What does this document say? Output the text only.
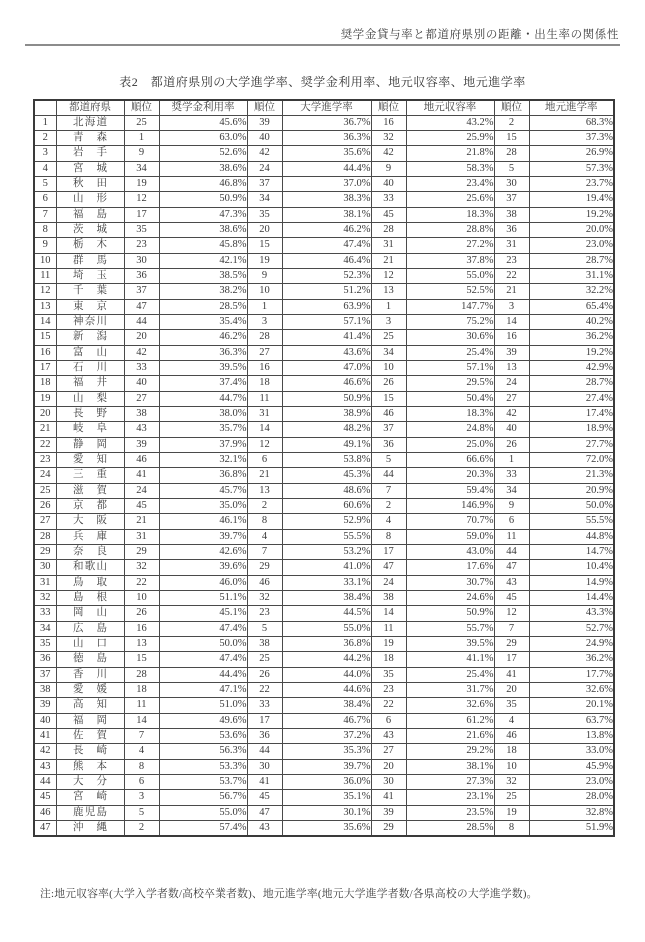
奨学金貸与率と都道府県別の距離・出生率の関係性
表2　都道府県別の大学進学率、奨学金利用率、地元収容率、地元進学率
	都道府県	順位	奨学金利用率	順位	大学進学率	順位	地元収容率	順位	地元進学率
1	北 海 道	25	45.6%	39	36.7%	16	43.2%	2	68.3%
2	青 森	1	63.0%	40	36.3%	32	25.9%	15	37.3%
3	岩 手	9	52.6%	42	35.6%	42	21.8%	28	26.9%
4	宮 城	34	38.6%	24	44.4%	9	58.3%	5	57.3%
5	秋 田	19	46.8%	37	37.0%	40	23.4%	30	23.7%
6	山 形	12	50.9%	34	38.3%	33	25.6%	37	19.4%
7	福 島	17	47.3%	35	38.1%	45	18.3%	38	19.2%
8	茨 城	35	38.6%	20	46.2%	28	28.8%	36	20.0%
9	栃 木	23	45.8%	15	47.4%	31	27.2%	31	23.0%
10	群 馬	30	42.1%	19	46.4%	21	37.8%	23	28.7%
11	埼 玉	36	38.5%	9	52.3%	12	55.0%	22	31.1%
12	千 葉	37	38.2%	10	51.2%	13	52.5%	21	32.2%
13	東 京	47	28.5%	1	63.9%	1	147.7%	3	65.4%
14	神 奈 川	44	35.4%	3	57.1%	3	75.2%	14	40.2%
15	新 潟	20	46.2%	28	41.4%	25	30.6%	16	36.2%
16	富 山	42	36.3%	27	43.6%	34	25.4%	39	19.2%
17	石 川	33	39.5%	16	47.0%	10	57.1%	13	42.9%
18	福 井	40	37.4%	18	46.6%	26	29.5%	24	28.7%
19	山 梨	27	44.7%	11	50.9%	15	50.4%	27	27.4%
20	長 野	38	38.0%	31	38.9%	46	18.3%	42	17.4%
21	岐 阜	43	35.7%	14	48.2%	37	24.8%	40	18.9%
22	静 岡	39	37.9%	12	49.1%	36	25.0%	26	27.7%
23	愛 知	46	32.1%	6	53.8%	5	66.6%	1	72.0%
24	三 重	41	36.8%	21	45.3%	44	20.3%	33	21.3%
25	滋 賀	24	45.7%	13	48.6%	7	59.4%	34	20.9%
26	京 都	45	35.0%	2	60.6%	2	146.9%	9	50.0%
27	大 阪	21	46.1%	8	52.9%	4	70.7%	6	55.5%
28	兵 庫	31	39.7%	4	55.5%	8	59.0%	11	44.8%
29	奈 良	29	42.6%	7	53.2%	17	43.0%	44	14.7%
30	和 歌 山	32	39.6%	29	41.0%	47	17.6%	47	10.4%
31	鳥 取	22	46.0%	46	33.1%	24	30.7%	43	14.9%
32	島 根	10	51.1%	32	38.4%	38	24.6%	45	14.4%
33	岡 山	26	45.1%	23	44.5%	14	50.9%	12	43.3%
34	広 島	16	47.4%	5	55.0%	11	55.7%	7	52.7%
35	山 口	13	50.0%	38	36.8%	19	39.5%	29	24.9%
36	徳 島	15	47.4%	25	44.2%	18	41.1%	17	36.2%
37	香 川	28	44.4%	26	44.0%	35	25.4%	41	17.7%
38	愛 媛	18	47.1%	22	44.6%	23	31.7%	20	32.6%
39	高 知	11	51.0%	33	38.4%	22	32.6%	35	20.1%
40	福 岡	14	49.6%	17	46.7%	6	61.2%	4	63.7%
41	佐 賀	7	53.6%	36	37.2%	43	21.6%	46	13.8%
42	長 崎	4	56.3%	44	35.3%	27	29.2%	18	33.0%
43	熊 本	8	53.3%	30	39.7%	20	38.1%	10	45.9%
44	大 分	6	53.7%	41	36.0%	30	27.3%	32	23.0%
45	宮 崎	3	56.7%	45	35.1%	41	23.1%	25	28.0%
46	鹿 児 島	5	55.0%	47	30.1%	39	23.5%	19	32.8%
47	沖 縄	2	57.4%	43	35.6%	29	28.5%	8	51.9%
注:地元収容率(大学入学者数/高校卒業者数)、地元進学率(地元大学進学者数/各県高校の大学進学数)。
